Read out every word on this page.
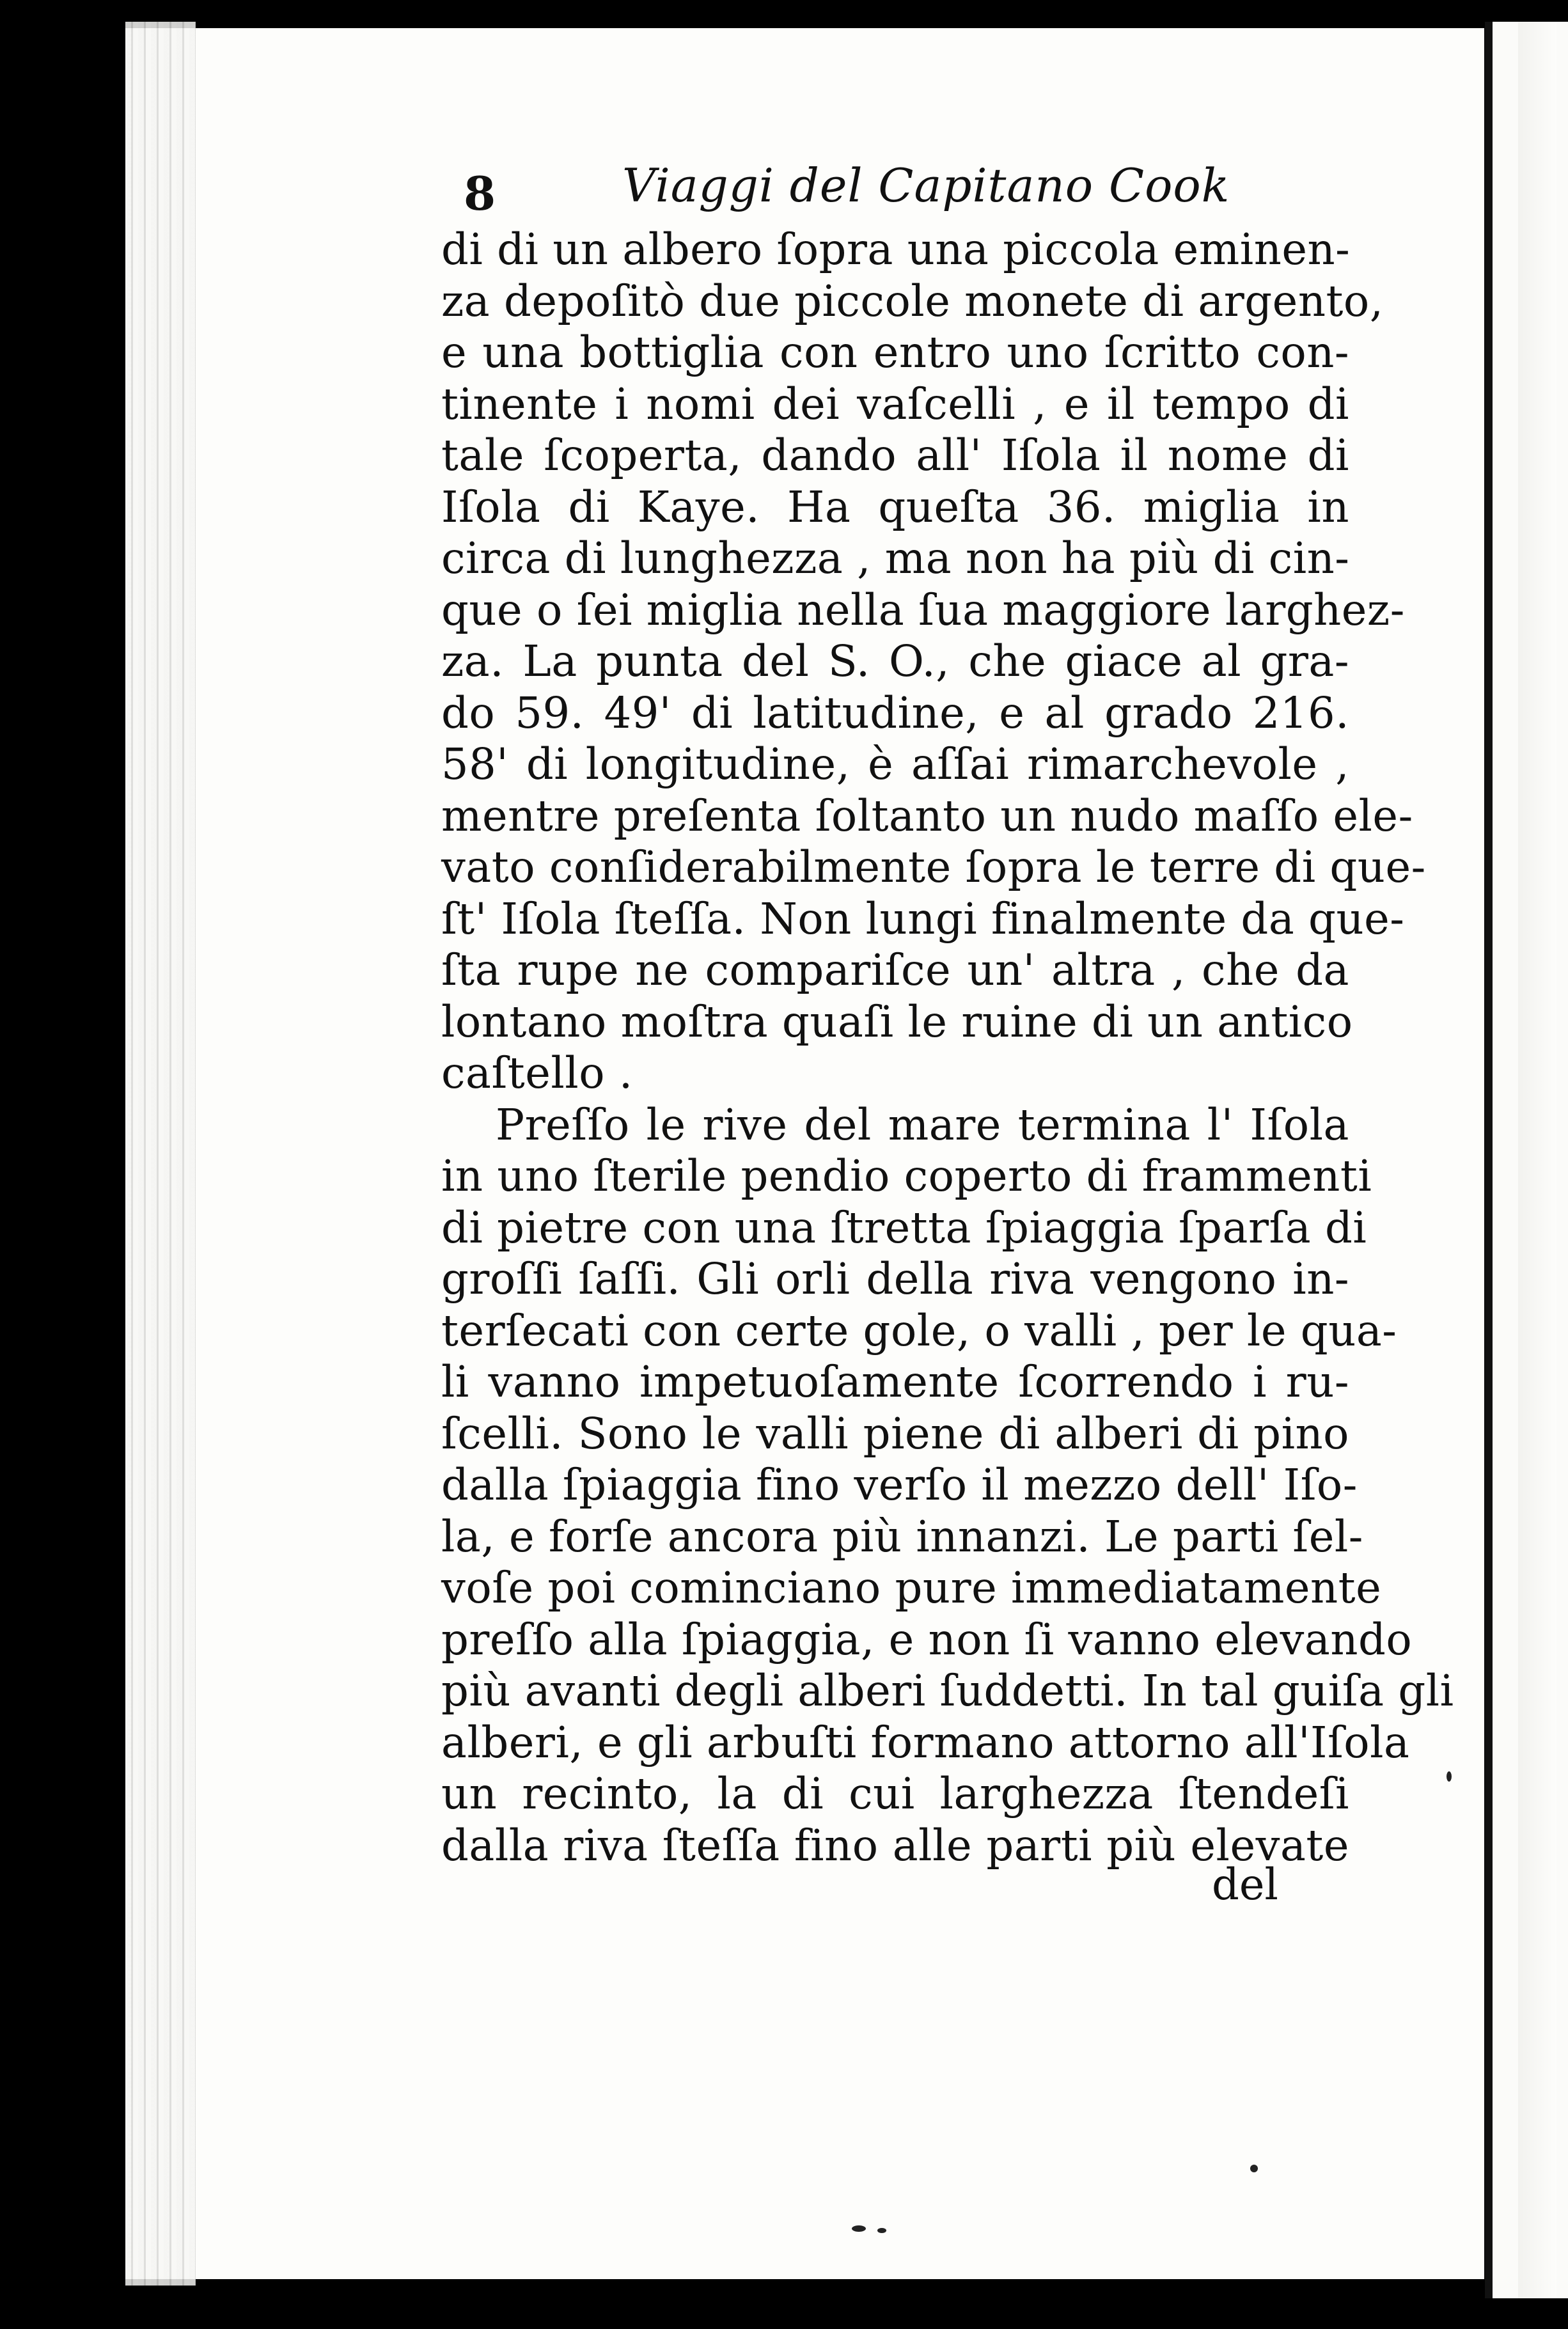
8	Viaggi del Capitano Cook
di di un albero ſopra una piccola eminen-
za depoſitò due piccole monete di argento,
e una bottiglia con entro uno ſcritto con-
tinente i nomi dei vaſcelli , e il tempo di
tale ſcoperta, dando all' Iſola il nome di
Iſola di Kaye. Ha queſta 36. miglia in
circa di lunghezza , ma non ha più di cin-
que o ſei miglia nella ſua maggiore larghez-
za. La punta del S. O., che giace al gra-
do 59. 49' di latitudine, e al grado 216.
58' di longitudine, è aſſai rimarchevole ,
mentre preſenta ſoltanto un nudo maſſo ele-
vato conſiderabilmente ſopra le terre di que-
ſt' Iſola ſteſſa. Non lungi finalmente da que-
ſta rupe ne compariſce un' altra , che da
lontano moſtra quaſi le ruine di un antico
caſtello .
Preſſo le rive del mare termina l' Iſola
in uno ſterile pendio coperto di frammenti
di pietre con una ſtretta ſpiaggia ſparſa di
groſſi ſaſſi. Gli orli della riva vengono in-
terſecati con certe gole, o valli , per le qua-
li vanno impetuoſamente ſcorrendo i ru-
ſcelli. Sono le valli piene di alberi di pino
dalla ſpiaggia fino verſo il mezzo dell' Iſo-
la, e forſe ancora più innanzi. Le parti ſel-
voſe poi cominciano pure immediatamente
preſſo alla ſpiaggia, e non ſi vanno elevando
più avanti degli alberi ſuddetti. In tal guiſa gli
alberi, e gli arbuſti formano attorno all'Iſola
un recinto, la di cui larghezza ſtendeſi
dalla riva ſteſſa fino alle parti più elevate
del
